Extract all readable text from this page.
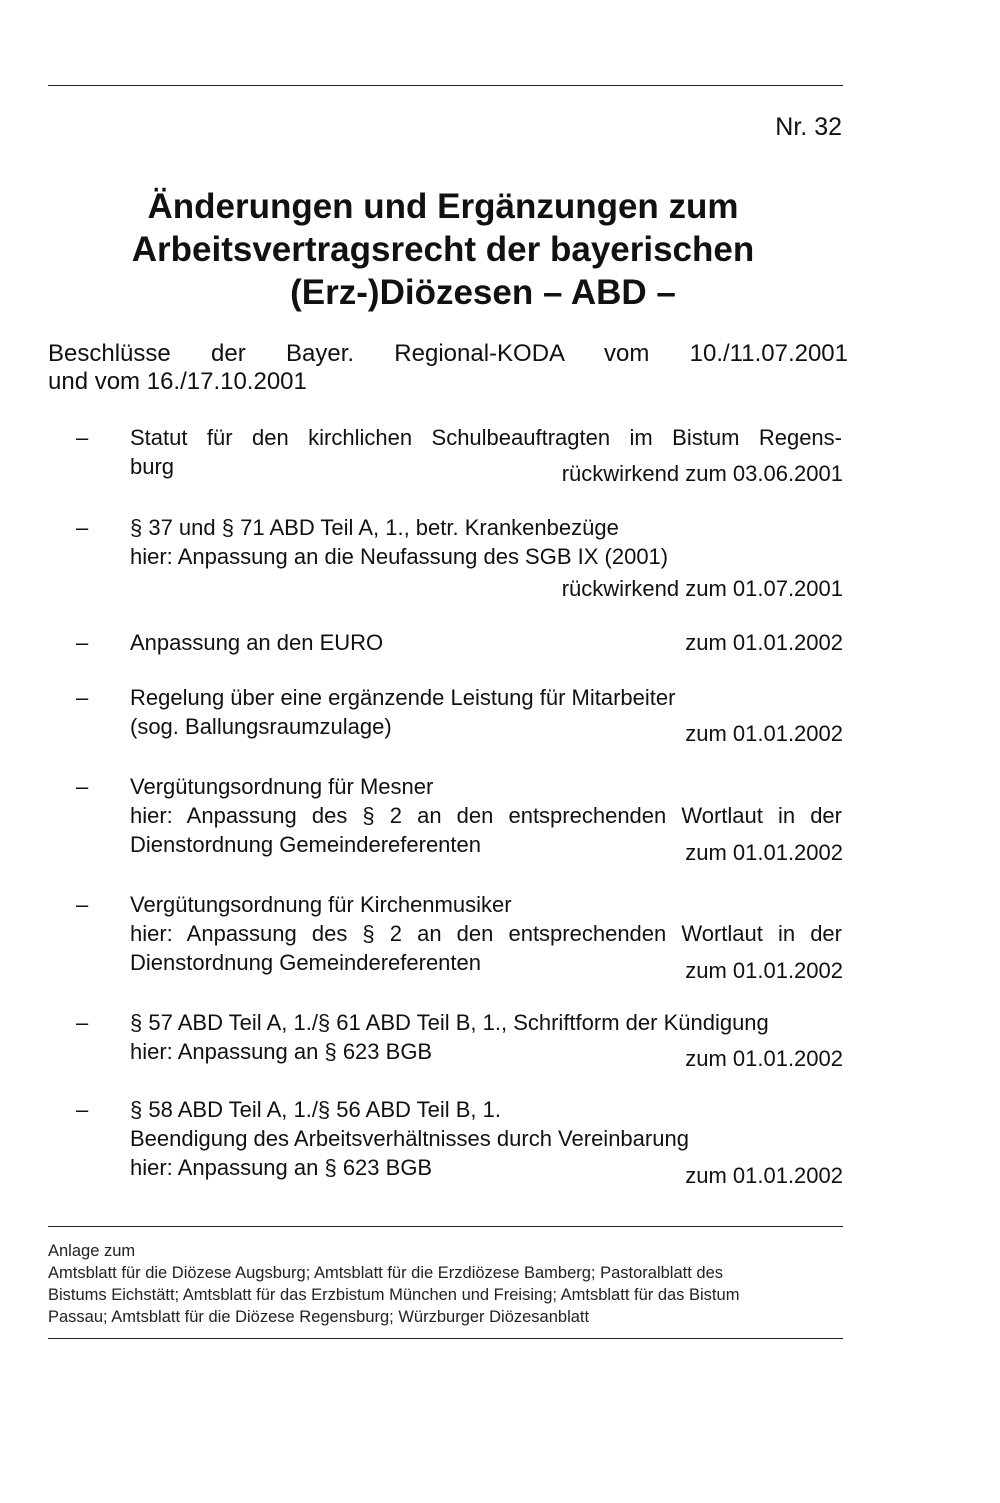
Nr. 32
Änderungen und Ergänzungen zum
Arbeitsvertragsrecht der bayerischen
(Erz-)Diözesen – ABD –
Beschlüsse der Bayer. Regional-KODA vom 10./11.07.2001
und vom 16./17.10.2001
– Statut für den kirchlichen Schulbeauftragten im Bistum Regens-
burg	rückwirkend zum 03.06.2001
– § 37 und § 71 ABD Teil A, 1., betr. Krankenbezüge
hier: Anpassung an die Neufassung des SGB IX (2001)
rückwirkend zum 01.07.2001
– Anpassung an den EURO	zum 01.01.2002
– Regelung über eine ergänzende Leistung für Mitarbeiter
(sog. Ballungsraumzulage)	zum 01.01.2002
– Vergütungsordnung für Mesner
hier: Anpassung des § 2 an den entsprechenden Wortlaut in der
Dienstordnung Gemeindereferenten	zum 01.01.2002
– Vergütungsordnung für Kirchenmusiker
hier: Anpassung des § 2 an den entsprechenden Wortlaut in der
Dienstordnung Gemeindereferenten	zum 01.01.2002
– § 57 ABD Teil A, 1./§ 61 ABD Teil B, 1., Schriftform der Kündigung
hier: Anpassung an § 623 BGB	zum 01.01.2002
– § 58 ABD Teil A, 1./§ 56 ABD Teil B, 1.
Beendigung des Arbeitsverhältnisses durch Vereinbarung
hier: Anpassung an § 623 BGB	zum 01.01.2002
Anlage zum
Amtsblatt für die Diözese Augsburg; Amtsblatt für die Erzdiözese Bamberg; Pastoralblatt des
Bistums Eichstätt; Amtsblatt für das Erzbistum München und Freising; Amtsblatt für das Bistum
Passau; Amtsblatt für die Diözese Regensburg; Würzburger Diözesanblatt
